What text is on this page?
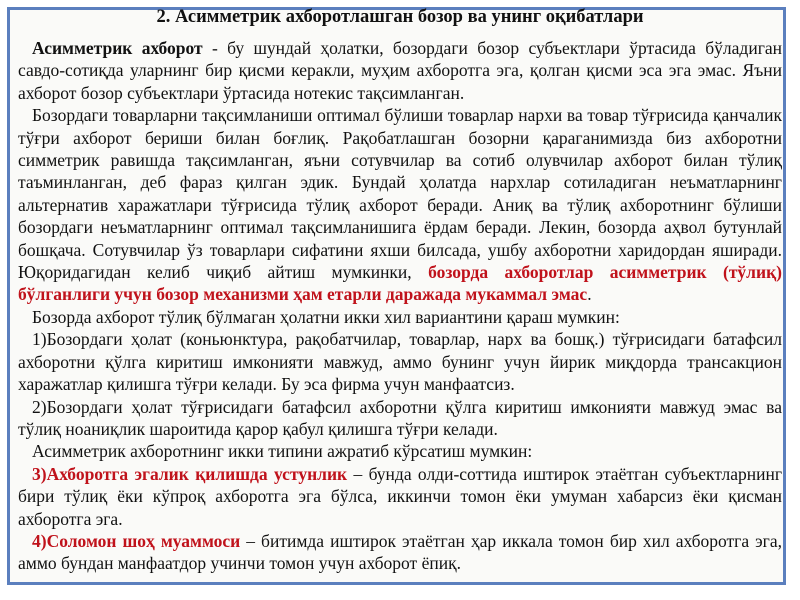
2. Асимметрик ахборотлашган бозор ва унинг оқибатлари

Асимметрик ахборот - бу шундай ҳолатки, бозордаги бозор субъектлари ўртасида бўладиган савдо-сотиқда уларнинг бир қисми керакли, муҳим ахборотга эга, қолган қисми эса эга эмас. Яъни ахборот бозор субъектлари ўртасида нотекис тақсимланган.

Бозордаги товарларни тақсимланиши оптимал бўлиши товарлар нархи ва товар тўғрисида қанчалик тўғри ахборот бериши билан боғлиқ. Рақобатлашган бозорни қараганимизда биз ахборотни симметрик равишда тақсимланган, яъни сотувчилар ва сотиб олувчилар ахборот билан тўлиқ таъминланган, деб фараз қилган эдик. Бундай ҳолатда нархлар сотиладиган неъматларнинг альтернатив харажатлари тўғрисида тўлиқ ахборот беради. Аниқ ва тўлиқ ахборотнинг бўлиши бозордаги неъматларнинг оптимал тақсимланишига ёрдам беради. Лекин, бозорда аҳвол бутунлай бошқача. Сотувчилар ўз товарлари сифатини яхши билсада, ушбу ахборотни харидордан яширади. Юқоридагидан келиб чиқиб айтиш мумкинки, бозорда ахборотлар асимметрик (тўлиқ) бўлганлиги учун бозор механизми ҳам етарли даражада мукаммал эмас.

Бозорда ахборот тўлиқ бўлмаган ҳолатни икки хил вариантини қараш мумкин:

1)Бозордаги ҳолат (коньюнктура, рақобатчилар, товарлар, нарх ва бошқ.) тўғрисидаги батафсил ахборотни қўлга киритиш имконияти мавжуд, аммо бунинг учун йирик миқдорда трансакцион харажатлар қилишга тўғри келади. Бу эса фирма учун манфаатсиз.

2)Бозордаги ҳолат тўғрисидаги батафсил ахборотни қўлга киритиш имконияти мавжуд эмас ва тўлиқ ноаниқлик шароитида қарор қабул қилишга тўғри келади.

Асимметрик ахборотнинг икки типини ажратиб кўрсатиш мумкин:

3)Ахборотга эгалик қилишда устунлик – бунда олди-соттида иштирок этаётган субъектларнинг бири тўлиқ ёки кўпроқ ахборотга эга бўлса, иккинчи томон ёки умуман хабарсиз ёки қисман ахборотга эга.

4)Соломон шоҳ муаммоси – битимда иштирок этаётган ҳар иккала томон бир хил ахборотга эга, аммо бундан манфаатдор учинчи томон учун ахборот ёпиқ.
